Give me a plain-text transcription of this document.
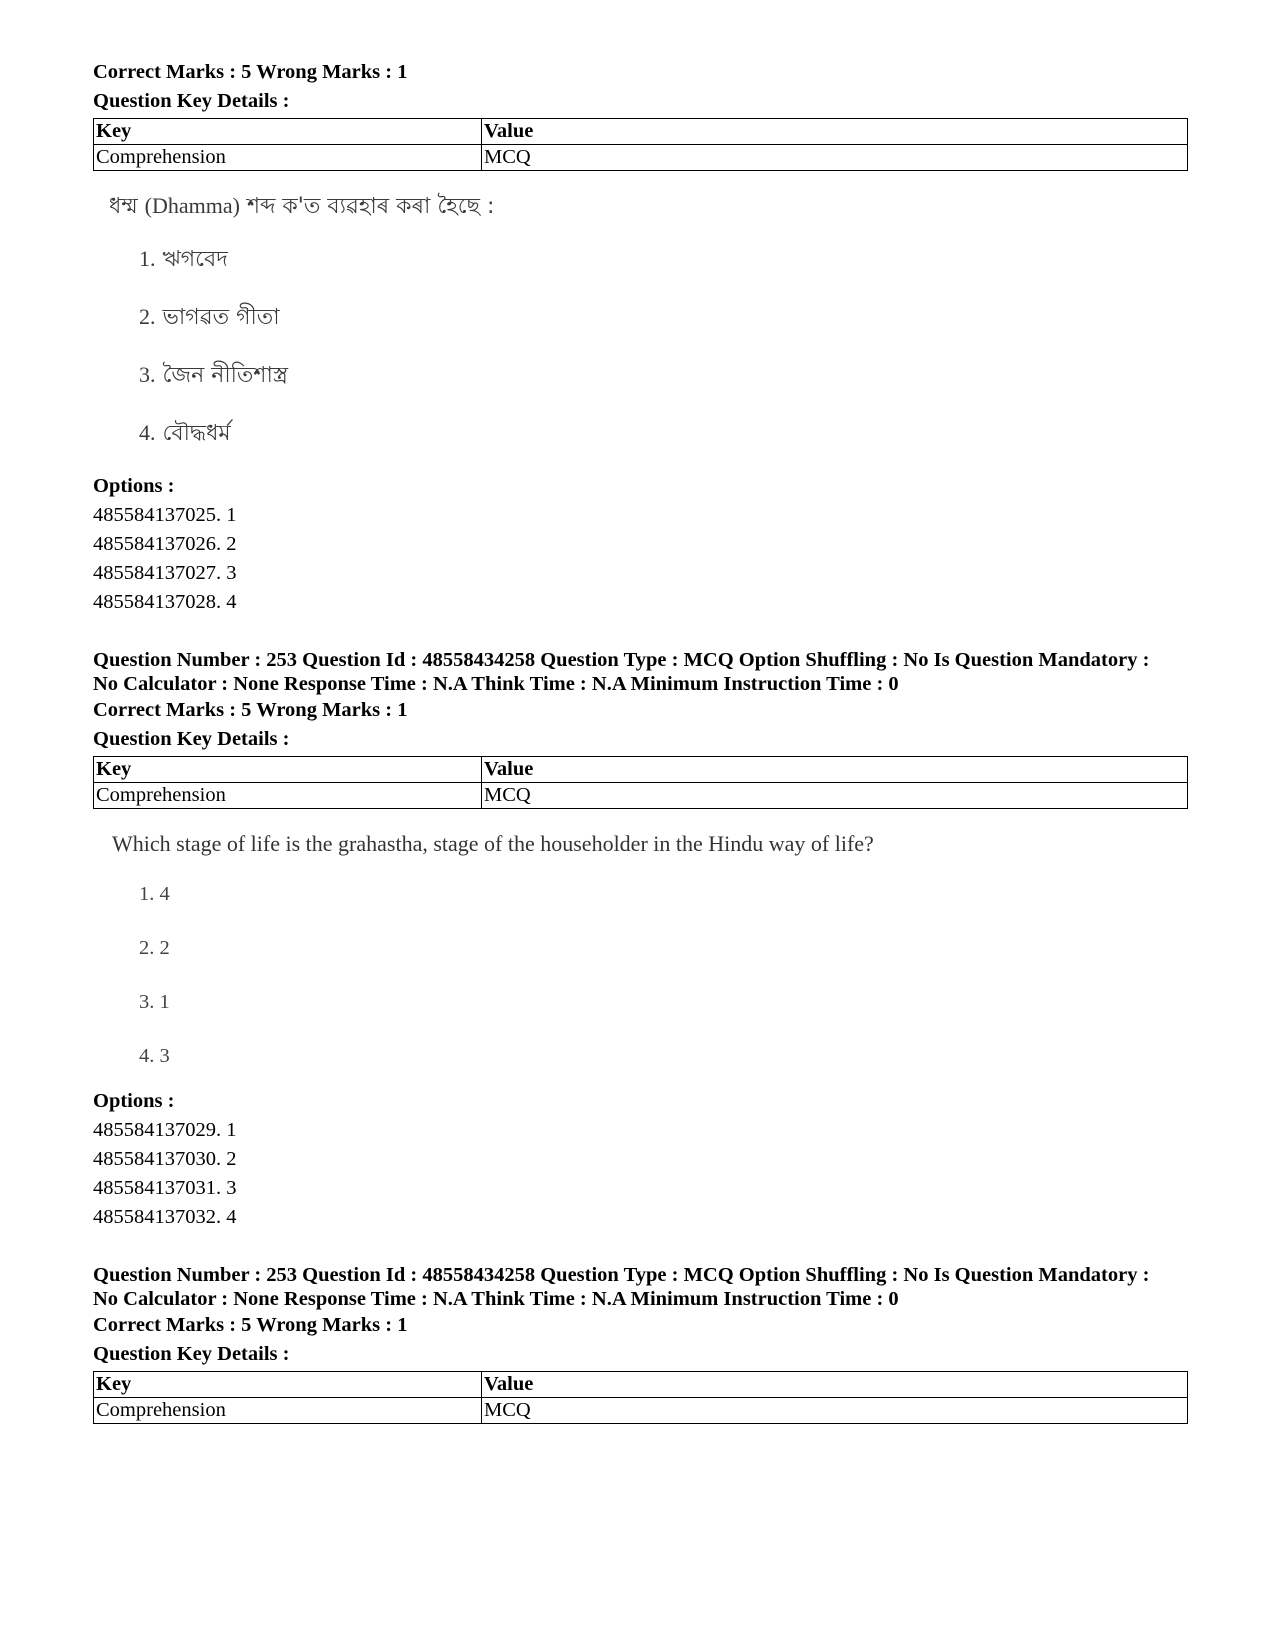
Correct Marks : 5 Wrong Marks : 1

Question Key Details :

Key	Value
Comprehension	MCQ
ধম্ম (Dhamma) শব্দ ক'ত ব্যৱহাৰ কৰা হৈছে :
1. ঋগবেদ
2. ভাগৱত গীতা
3. জৈন নীতিশাস্ত্ৰ
4. বৌদ্ধধৰ্ম

Options :

485584137025. 1

485584137026. 2

485584137027. 3

485584137028. 4

Question Number : 253 Question Id : 48558434258 Question Type : MCQ Option Shuffling : No Is Question Mandatory :

No Calculator : None Response Time : N.A Think Time : N.A Minimum Instruction Time : 0

Correct Marks : 5 Wrong Marks : 1

Question Key Details :

Key	Value
Comprehension	MCQ
Which stage of life is the grahastha, stage of the householder in the Hindu way of life?
1. 4
2. 2
3. 1
4. 3

Options :

485584137029. 1

485584137030. 2

485584137031. 3

485584137032. 4

Question Number : 253 Question Id : 48558434258 Question Type : MCQ Option Shuffling : No Is Question Mandatory :

No Calculator : None Response Time : N.A Think Time : N.A Minimum Instruction Time : 0

Correct Marks : 5 Wrong Marks : 1

Question Key Details :

Key	Value
Comprehension	MCQ
